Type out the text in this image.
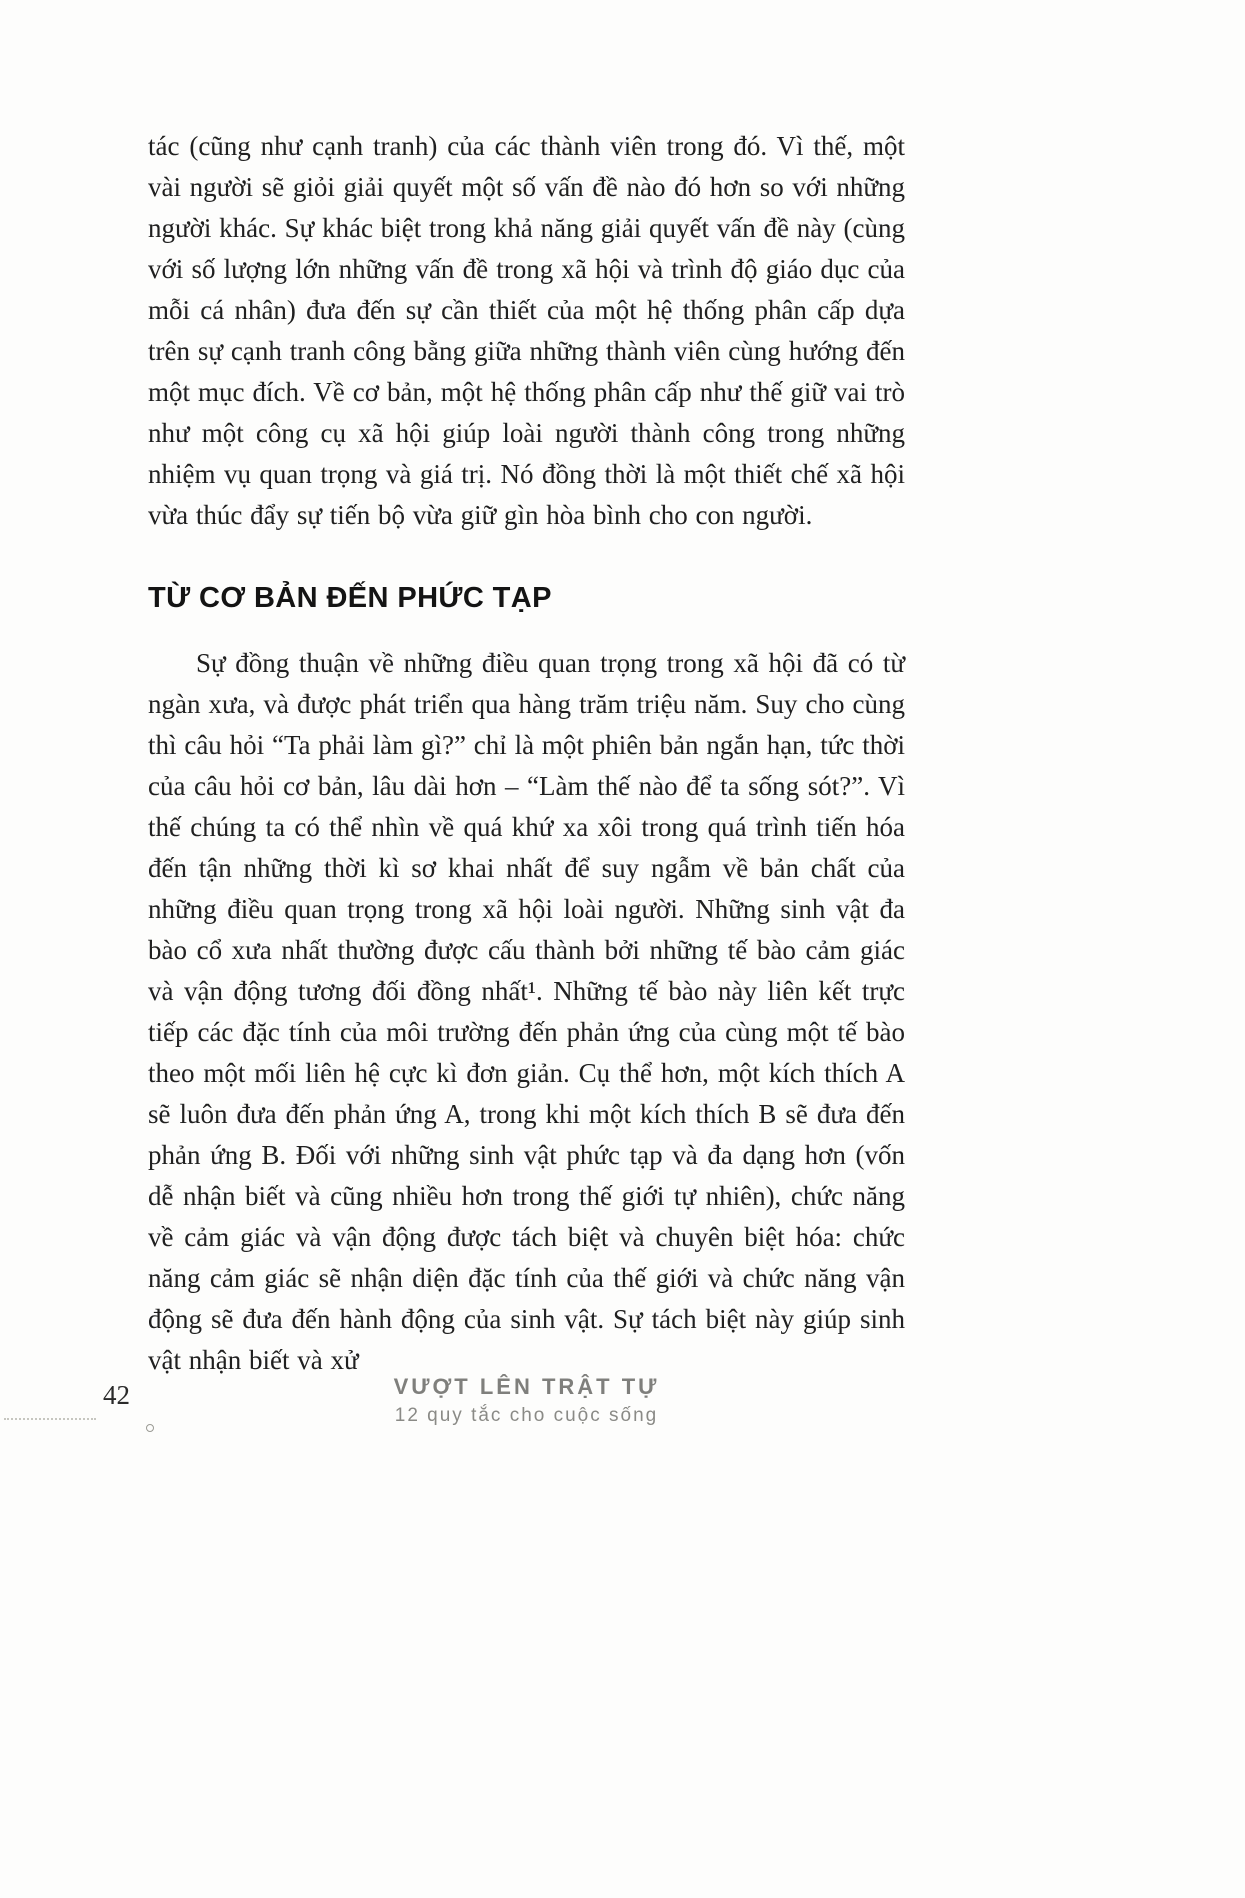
tác (cũng như cạnh tranh) của các thành viên trong đó. Vì thế, một vài người sẽ giỏi giải quyết một số vấn đề nào đó hơn so với những người khác. Sự khác biệt trong khả năng giải quyết vấn đề này (cùng với số lượng lớn những vấn đề trong xã hội và trình độ giáo dục của mỗi cá nhân) đưa đến sự cần thiết của một hệ thống phân cấp dựa trên sự cạnh tranh công bằng giữa những thành viên cùng hướng đến một mục đích. Về cơ bản, một hệ thống phân cấp như thế giữ vai trò như một công cụ xã hội giúp loài người thành công trong những nhiệm vụ quan trọng và giá trị. Nó đồng thời là một thiết chế xã hội vừa thúc đẩy sự tiến bộ vừa giữ gìn hòa bình cho con người.

TỪ CƠ BẢN ĐẾN PHỨC TẠP

Sự đồng thuận về những điều quan trọng trong xã hội đã có từ ngàn xưa, và được phát triển qua hàng trăm triệu năm. Suy cho cùng thì câu hỏi “Ta phải làm gì?” chỉ là một phiên bản ngắn hạn, tức thời của câu hỏi cơ bản, lâu dài hơn – “Làm thế nào để ta sống sót?”. Vì thế chúng ta có thể nhìn về quá khứ xa xôi trong quá trình tiến hóa đến tận những thời kì sơ khai nhất để suy ngẫm về bản chất của những điều quan trọng trong xã hội loài người. Những sinh vật đa bào cổ xưa nhất thường được cấu thành bởi những tế bào cảm giác và vận động tương đối đồng nhất¹. Những tế bào này liên kết trực tiếp các đặc tính của môi trường đến phản ứng của cùng một tế bào theo một mối liên hệ cực kì đơn giản. Cụ thể hơn, một kích thích A sẽ luôn đưa đến phản ứng A, trong khi một kích thích B sẽ đưa đến phản ứng B. Đối với những sinh vật phức tạp và đa dạng hơn (vốn dễ nhận biết và cũng nhiều hơn trong thế giới tự nhiên), chức năng về cảm giác và vận động được tách biệt và chuyên biệt hóa: chức năng cảm giác sẽ nhận diện đặc tính của thế giới và chức năng vận động sẽ đưa đến hành động của sinh vật. Sự tách biệt này giúp sinh vật nhận biết và xử

42	VƯỢT LÊN TRẬT TỰ
12 quy tắc cho cuộc sống
